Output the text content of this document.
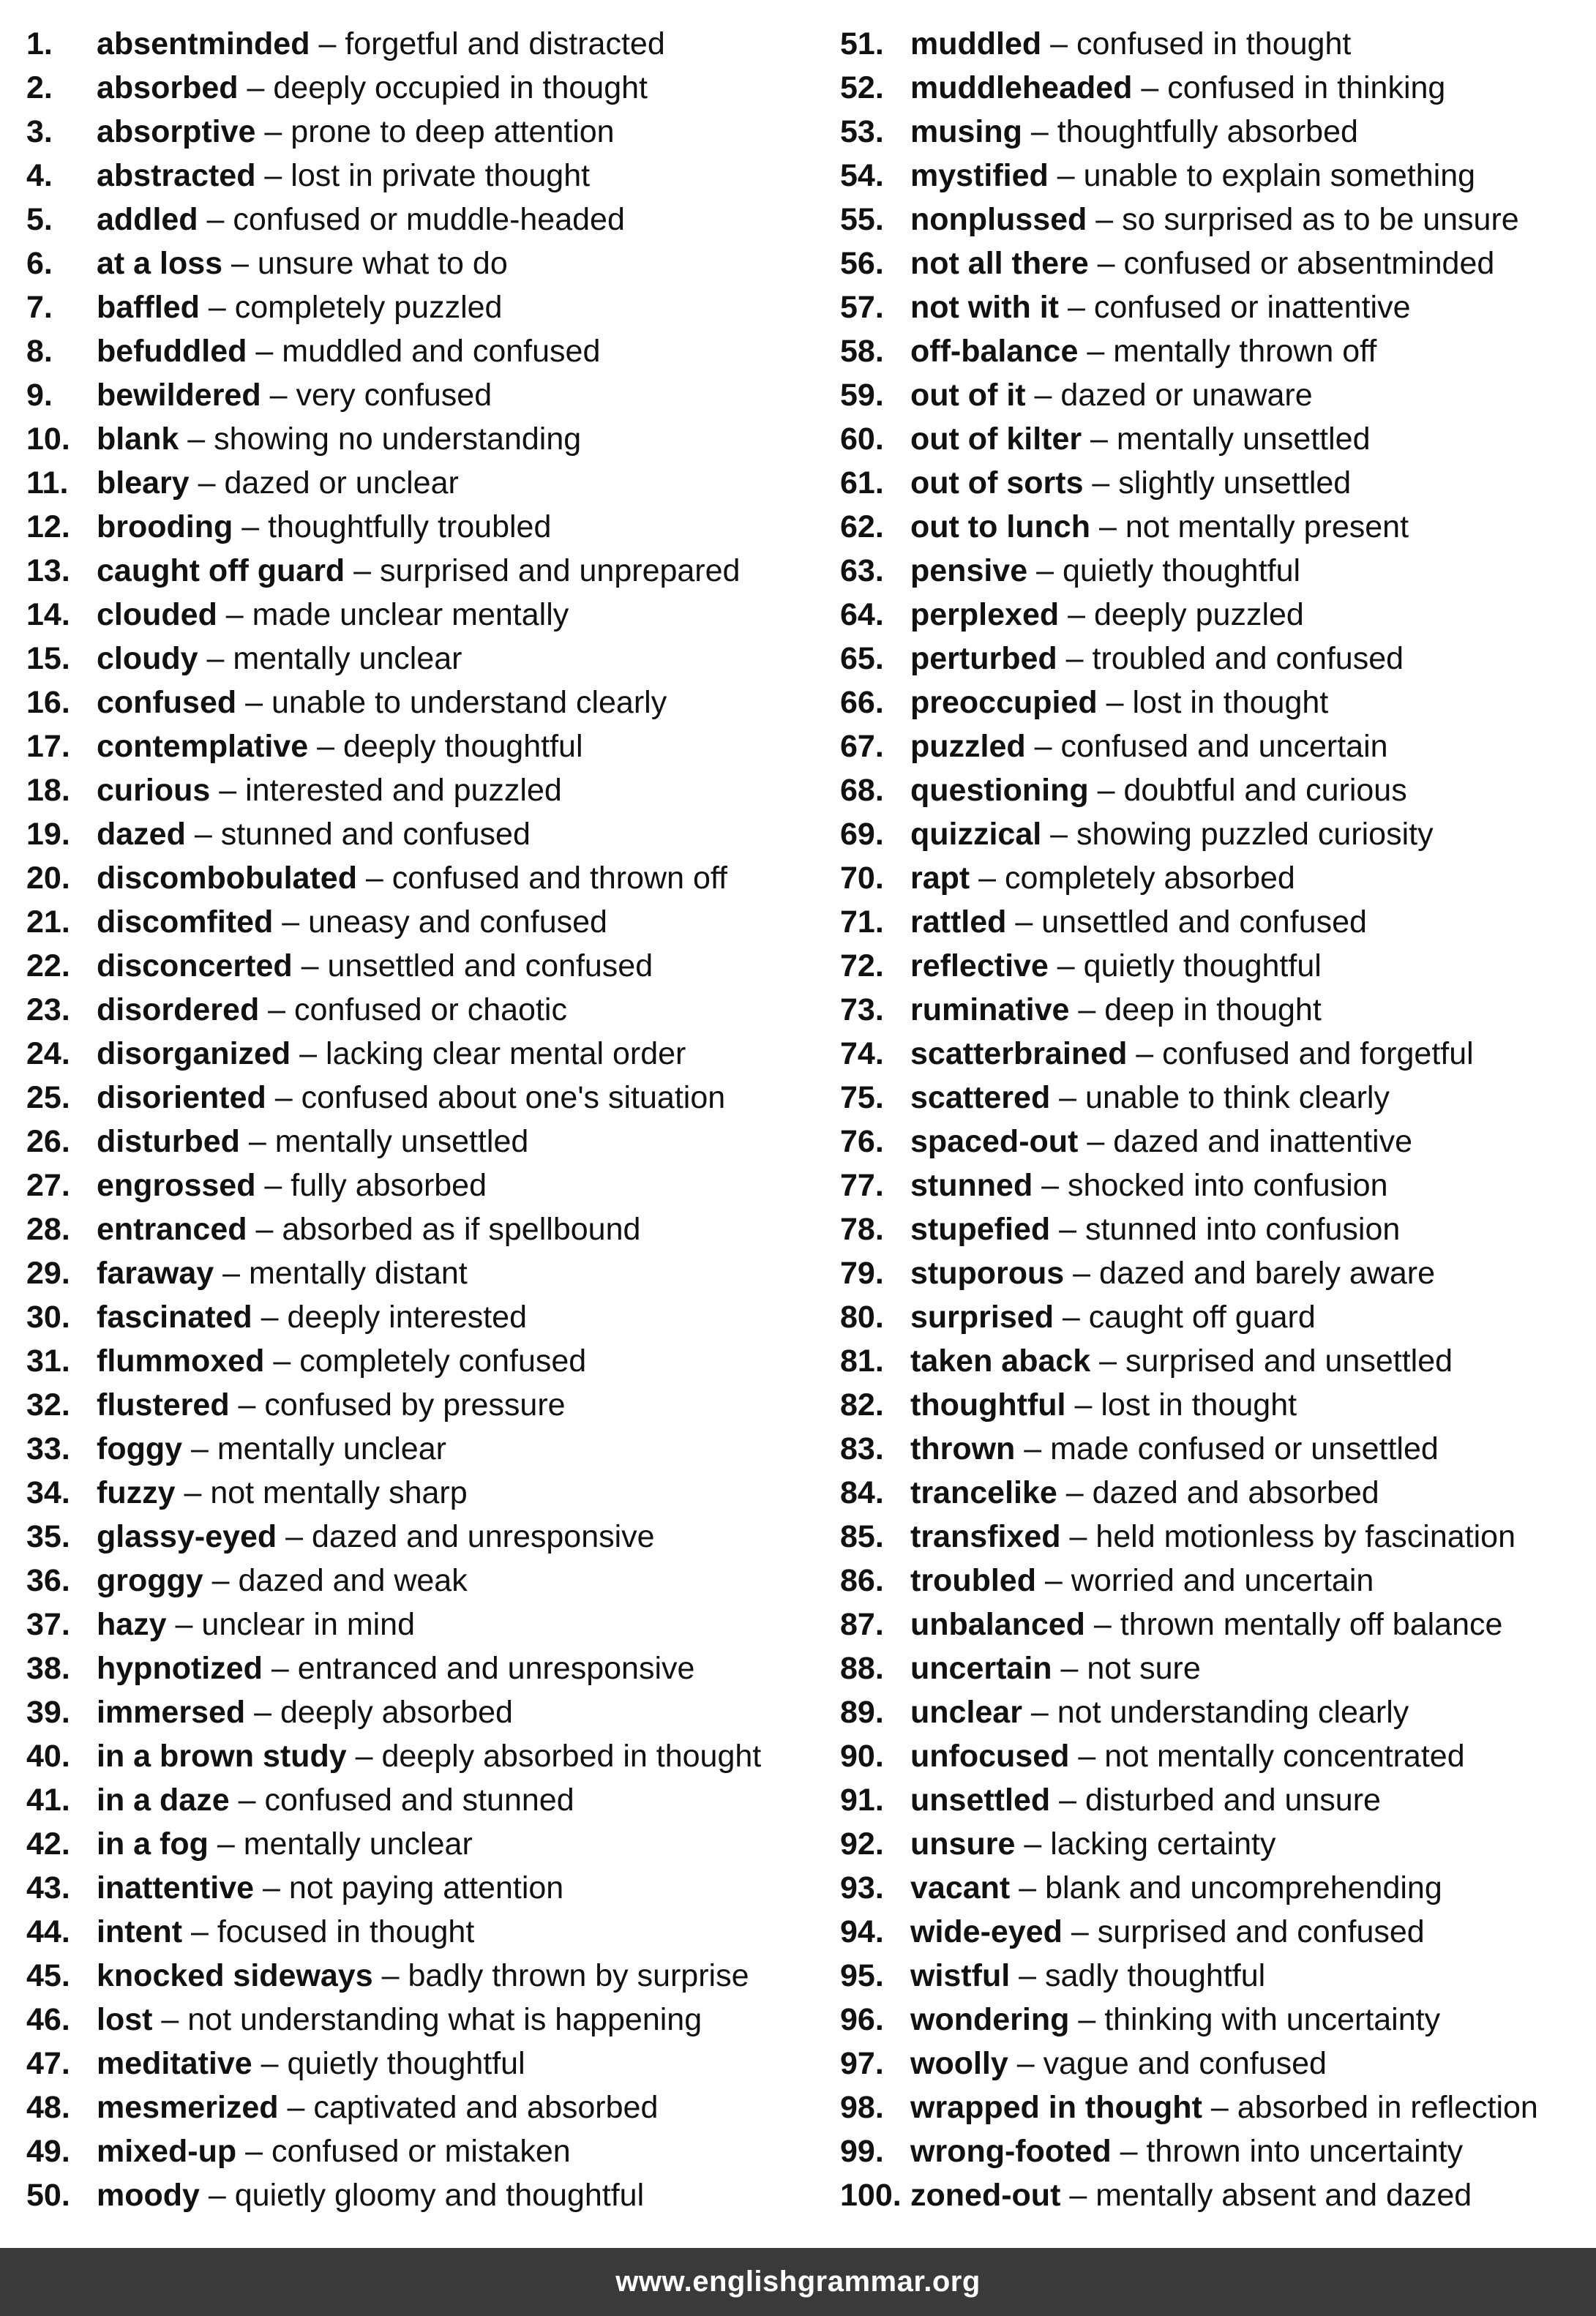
1.	absentminded – forgetful and distracted
2.	absorbed – deeply occupied in thought
3.	absorptive – prone to deep attention
4.	abstracted – lost in private thought
5.	addled – confused or muddle-headed
6.	at a loss – unsure what to do
7.	baffled – completely puzzled
8.	befuddled – muddled and confused
9.	bewildered – very confused
10. blank – showing no understanding
11. bleary – dazed or unclear
12. brooding – thoughtfully troubled
13. caught off guard – surprised and unprepared
14. clouded – made unclear mentally
15. cloudy – mentally unclear
16. confused – unable to understand clearly
17. contemplative – deeply thoughtful
18. curious – interested and puzzled
19. dazed – stunned and confused
20. discombobulated – confused and thrown off
21. discomfited – uneasy and confused
22. disconcerted – unsettled and confused
23. disordered – confused or chaotic
24. disorganized – lacking clear mental order
25. disoriented – confused about one's situation
26. disturbed – mentally unsettled
27. engrossed – fully absorbed
28. entranced – absorbed as if spellbound
29. faraway – mentally distant
30. fascinated – deeply interested
31. flummoxed – completely confused
32. flustered – confused by pressure
33. foggy – mentally unclear
34. fuzzy – not mentally sharp
35. glassy-eyed – dazed and unresponsive
36. groggy – dazed and weak
37. hazy – unclear in mind
38. hypnotized – entranced and unresponsive
39. immersed – deeply absorbed
40. in a brown study – deeply absorbed in thought
41. in a daze – confused and stunned
42. in a fog – mentally unclear
43. inattentive – not paying attention
44. intent – focused in thought
45. knocked sideways – badly thrown by surprise
46. lost – not understanding what is happening
47. meditative – quietly thoughtful
48. mesmerized – captivated and absorbed
49. mixed-up – confused or mistaken
50. moody – quietly gloomy and thoughtful
51. muddled – confused in thought
52. muddleheaded – confused in thinking
53. musing – thoughtfully absorbed
54. mystified – unable to explain something
55. nonplussed – so surprised as to be unsure
56. not all there – confused or absentminded
57. not with it – confused or inattentive
58. off-balance – mentally thrown off
59. out of it – dazed or unaware
60. out of kilter – mentally unsettled
61. out of sorts – slightly unsettled
62. out to lunch – not mentally present
63. pensive – quietly thoughtful
64. perplexed – deeply puzzled
65. perturbed – troubled and confused
66. preoccupied – lost in thought
67. puzzled – confused and uncertain
68. questioning – doubtful and curious
69. quizzical – showing puzzled curiosity
70. rapt – completely absorbed
71. rattled – unsettled and confused
72. reflective – quietly thoughtful
73. ruminative – deep in thought
74. scatterbrained – confused and forgetful
75. scattered – unable to think clearly
76. spaced-out – dazed and inattentive
77. stunned – shocked into confusion
78. stupefied – stunned into confusion
79. stuporous – dazed and barely aware
80. surprised – caught off guard
81. taken aback – surprised and unsettled
82. thoughtful – lost in thought
83. thrown – made confused or unsettled
84. trancelike – dazed and absorbed
85. transfixed – held motionless by fascination
86. troubled – worried and uncertain
87. unbalanced – thrown mentally off balance
88. uncertain – not sure
89. unclear – not understanding clearly
90. unfocused – not mentally concentrated
91. unsettled – disturbed and unsure
92. unsure – lacking certainty
93. vacant – blank and uncomprehending
94. wide-eyed – surprised and confused
95. wistful – sadly thoughtful
96. wondering – thinking with uncertainty
97. woolly – vague and confused
98. wrapped in thought – absorbed in reflection
99. wrong-footed – thrown into uncertainty
100. zoned-out – mentally absent and dazed
www.englishgrammar.org
